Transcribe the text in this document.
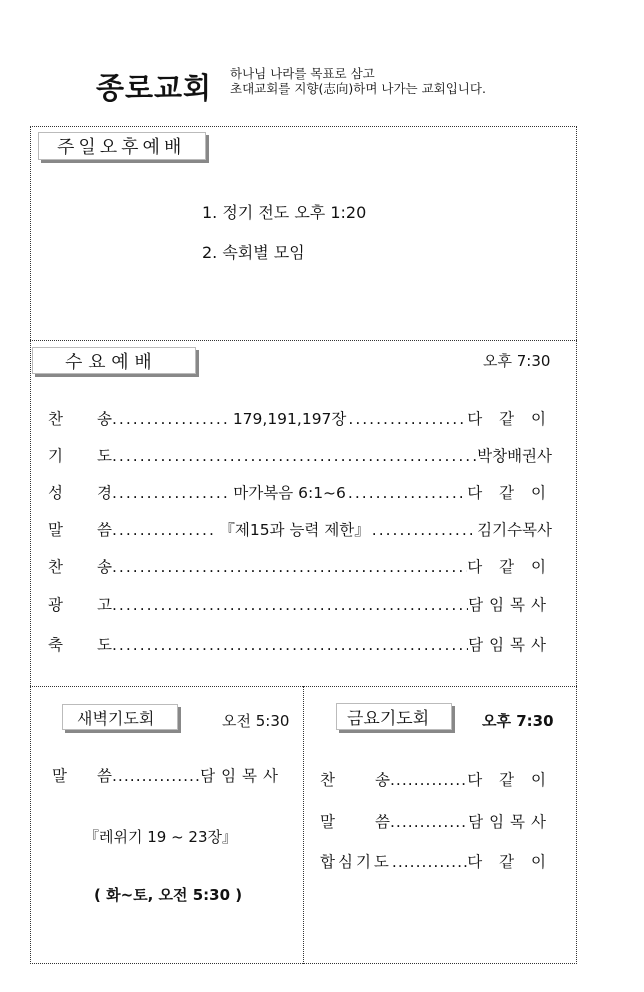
종로교회 하나님 나라를 목표로 삼고
초대교회를 지향(志向)하며 나가는 교회입니다.
주일오후예배
1. 정기 전도 오후 1:20
2. 속회별 모임
수 요 예 배	오후 7:30
찬 송 .....	179,191,197장 .....	다 같 이
기 도 .....	박창배권사
성 경 .....	마가복음 6:1~6 .....	다 같 이
말 씀 .....	『제15과 능력 제한』 .....	김기수목사
찬 송 .....	다 같 이
광 고 .....	담임목사
축 도 .....	담임목사
새벽기도회	오전 5:30
말 씀 .....	담임목사
『레위기 19 ~ 23장』
( 화~토, 오전 5:30 )
금요기도회	오후 7:30
찬	송 .....	다 같 이
말	씀 .....	담임목사
합심기도 .....	다 같 이
